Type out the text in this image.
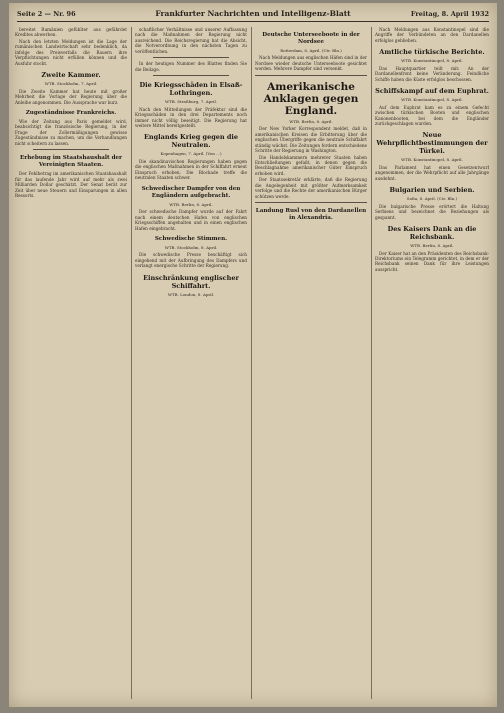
Seite 2 — Nr. 96	Frankfurter Nachrichten und Intelligenz-Blatt	Freitag, 8. April 1932

bereitet Rumänien gefühlter aus gefährdet Kredites abwerben.

Nach den letzten Meldungen ist die Lage der rumänischen Landwirtschaft sehr bedenklich, da infolge des Preisverfalls die Bauern ihre Verpflichtungen nicht erfüllen können und die Ausfuhr stockt.

Zweite Kammer.
WTB. Stockholm, 7. April.

Die Zweite Kammer hat heute mit großer Mehrheit die Vorlage der Regierung über die Anleihe angenommen. Die Aussprache war kurz.

Zugeständnisse Frankreichs.

Wie der Zeitung aus Paris gemeldet wird, beabsichtigt die französische Regierung, in der Frage der Zollermäßigungen gewisse Zugeständnisse zu machen, um die Verhandlungen nicht scheitern zu lassen.

Erhebung im Staatshaushalt der Vereinigten Staaten.

Der Fehlbetrag im amerikanischen Staatshaushalt für das laufende Jahr wird auf mehr als zwei Milliarden Dollar geschätzt. Der Senat berät zur Zeit über neue Steuern und Einsparungen in allen Ressorts.

schaftlicher Verhältnisse und unserer Auffassung nach die Maßnahmen der Regierung nicht ausreichend. Die Reichsregierung hat die Absicht, die Notverordnung in den nächsten Tagen zu veröffentlichen.

In der heutigen Nummer des Blattes finden Sie die Beilage.

Die Kriegsschäden in Elsaß-Lothringen.
WTB. Straßburg, 7. April.

Nach den Mitteilungen der Präfektur sind die Kriegsschäden in den drei Departements noch immer nicht völlig beseitigt. Die Regierung hat weitere Mittel bereitgestellt.

Englands Krieg gegen die Neutralen.
Kopenhagen, 7. April. (Von ...)

Die skandinavischen Regierungen haben gegen die englischen Maßnahmen in der Schiffahrt erneut Einspruch erhoben. Die Blockade treffe die neutralen Staaten schwer.

Schwedischer Dampfer von den Engländern aufgebracht.
WTB. Berlin, 8. April.

Der schwedische Dampfer wurde auf der Fahrt nach einem deutschen Hafen von englischen Kriegsschiffen angehalten und in einen englischen Hafen eingebracht.

Schwedische Stimmen.
WTB. Stockholm, 8. April.

Die schwedische Presse beschäftigt sich eingehend mit der Aufbringung des Dampfers und verlangt energische Schritte der Regierung.

Einschränkung englischer Schiffahrt.
WTB. London, 8. April.
Deutsche Unterseeboote in der Nordsee
Rotterdam, 8. April. (Ctr. Bln.)

Nach Meldungen aus englischen Häfen sind in der Nordsee wieder deutsche Unterseeboote gesichtet worden. Mehrere Dampfer sind versenkt.

Amerikanische Anklagen gegen England.
WTB. Berlin, 8. April.

Der New Yorker Korrespondent meldet, daß in amerikanischen Kreisen die Erbitterung über die englischen Übergriffe gegen die neutrale Schiffahrt ständig wächst. Die Zeitungen fordern entschiedene Schritte der Regierung in Washington.

Die Handelskammern mehrerer Staaten haben Entschließungen gefaßt, in denen gegen die Beschlagnahme amerikanischer Güter Einspruch erhoben wird.

Der Staatssekretär erklärte, daß die Regierung die Angelegenheit mit größter Aufmerksamkeit verfolge und die Rechte der amerikanischen Bürger schützen werde.

Landung Rusl von den Dardanellen in Alexandria.

Nach Meldungen aus Konstantinopel sind die Angriffe der Verbündeten an den Dardanellen erfolglos geblieben.

Amtliche türkische Berichte.
WTB. Konstantinopel, 8. April.

Das Hauptquartier teilt mit: An der Dardanellenfront keine Veränderung. Feindliche Schiffe haben die Küste erfolglos beschossen.

Schiffskampf auf dem Euphrat.
WTB. Konstantinopel, 8. April.

Auf dem Euphrat kam es zu einem Gefecht zwischen türkischen Booten und englischen Kanonenbooten, bei dem die Engländer zurückgeschlagen wurden.

Neue Wehrpflichtbestimmungen der Türkei.
WTB. Konstantinopel, 8. April.

Das Parlament hat einen Gesetzentwurf angenommen, der die Wehrpflicht auf alle Jahrgänge ausdehnt.

Bulgarien und Serbien.
Sofia, 8. April. (Ctr. Bln.)

Die bulgarische Presse erörtert die Haltung Serbiens und bezeichnet die Beziehungen als gespannt.

Des Kaisers Dank an die Reichsbank.
WTB. Berlin, 8. April.

Der Kaiser hat an den Präsidenten des Reichsbank-Direktoriums ein Telegramm gerichtet, in dem er der Reichsbank seinen Dank für ihre Leistungen ausspricht.
